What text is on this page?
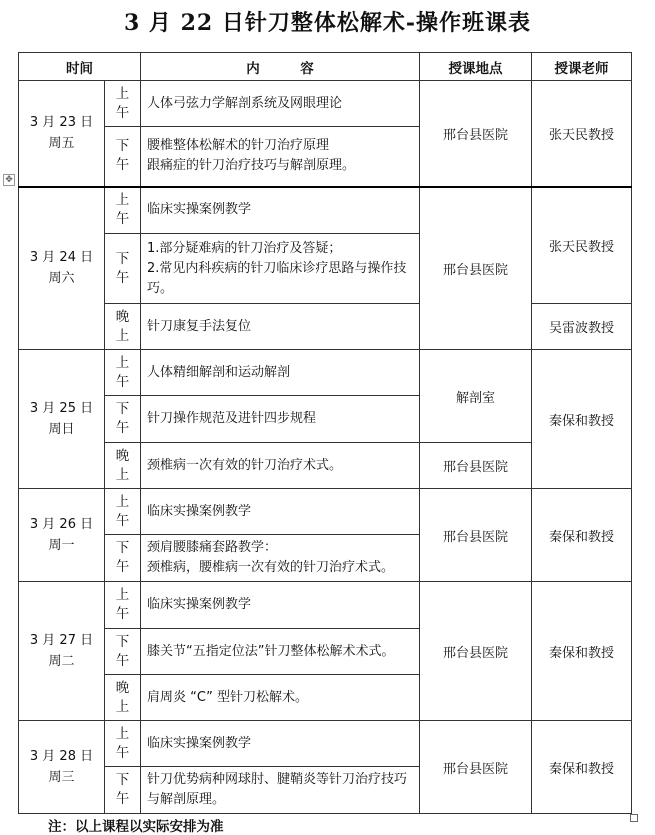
3 月 22 日针刀整体松解术-操作班课表
✥
时间		内　　　容	授课地点	授课老师

3 月 23 日
周五	上午	人体弓弦力学解剖系统及网眼理论	邢台县医院	张天民教授
	下午	腰椎整体松解术的针刀治疗原理
跟痛症的针刀治疗技巧与解剖原理。		

3 月 24 日
周六	上午	临床实操案例教学	邢台县医院	张天民教授
	下午	1.部分疑难病的针刀治疗及答疑；
2.常见内科疾病的针刀临床诊疗思路与操作技巧。		

	晚上	针刀康复手法复位		吴雷波教授

3 月 25 日
周日	上午	人体精细解剖和运动解剖	解剖室	秦保和教授
	下午	针刀操作规范及进针四步规程		

	晚上	颈椎病一次有效的针刀治疗术式。	邢台县医院	

3 月 26 日
周一	上午	临床实操案例教学	邢台县医院	秦保和教授
	下午	颈肩腰膝痛套路教学：
颈椎病，腰椎病一次有效的针刀治疗术式。		

3 月 27 日
周二	上午	临床实操案例教学	邢台县医院	秦保和教授
	下午	膝关节“五指定位法”针刀整体松解术术式。		

	晚上	肩周炎 “C” 型针刀松解术。		

3 月 28 日
周三	上午	临床实操案例教学	邢台县医院	秦保和教授
	下午	针刀优势病种网球肘、腱鞘炎等针刀治疗技巧与解剖原理。		
注：以上课程以实际安排为准
